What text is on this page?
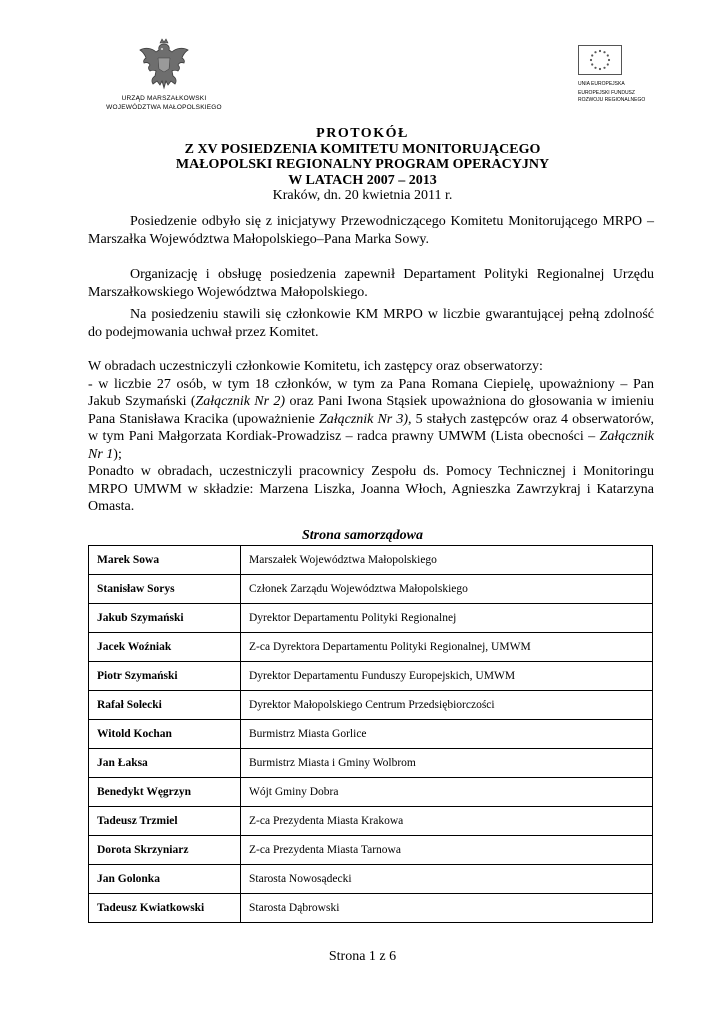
URZĄD MARSZAŁKOWSKI
WOJEWÓDZTWA MAŁOPOLSKIEGO
UNIA EUROPEJSKA
EUROPEJSKI FUNDUSZ
ROZWOJU REGIONALNEGO
PROTOKÓŁ
Z XV POSIEDZENIA KOMITETU MONITORUJĄCEGO
MAŁOPOLSKI REGIONALNY PROGRAM OPERACYJNY
W LATACH 2007 – 2013
Kraków, dn. 20 kwietnia 2011 r.

Posiedzenie odbyło się z inicjatywy Przewodniczącego Komitetu Monitorującego MRPO –Marszałka Województwa Małopolskiego–Pana Marka Sowy.

Organizację i obsługę posiedzenia zapewnił Departament Polityki Regionalnej Urzędu Marszałkowskiego Województwa Małopolskiego.

Na posiedzeniu stawili się członkowie KM MRPO w liczbie gwarantującej pełną zdolność do podejmowania uchwał przez Komitet.

W obradach uczestniczyli członkowie Komitetu, ich zastępcy oraz obserwatorzy:
- w liczbie 27 osób, w tym 18 członków, w tym za Pana Romana Ciepielę, upoważniony – Pan Jakub Szymański (Załącznik Nr 2) oraz Pani Iwona Stąsiek upoważniona do głosowania w imieniu Pana Stanisława Kracika (upoważnienie Załącznik Nr 3), 5 stałych zastępców oraz 4 obserwatorów, w tym Pani Małgorzata Kordiak-Prowadzisz – radca prawny UMWM (Lista obecności – Załącznik Nr 1);
Ponadto w obradach, uczestniczyli pracownicy Zespołu ds. Pomocy Technicznej i Monitoringu MRPO UMWM w składzie: Marzena Liszka, Joanna Włoch, Agnieszka Zawrzykraj i Katarzyna Omasta.
Strona samorządowa
Marek Sowa	Marszałek Województwa Małopolskiego
Stanisław Sorys	Członek Zarządu Województwa Małopolskiego
Jakub Szymański	Dyrektor Departamentu Polityki Regionalnej
Jacek Woźniak	Z-ca Dyrektora Departamentu Polityki Regionalnej, UMWM
Piotr Szymański	Dyrektor Departamentu Funduszy Europejskich, UMWM
Rafał Solecki	Dyrektor Małopolskiego Centrum Przedsiębiorczości
Witold Kochan	Burmistrz Miasta Gorlice
Jan Łaksa	Burmistrz Miasta i Gminy Wolbrom
Benedykt Węgrzyn	Wójt Gminy Dobra
Tadeusz Trzmiel	Z-ca Prezydenta Miasta Krakowa
Dorota Skrzyniarz	Z-ca Prezydenta Miasta Tarnowa
Jan Golonka	Starosta Nowosądecki
Tadeusz Kwiatkowski	Starosta Dąbrowski
Strona 1 z 6
